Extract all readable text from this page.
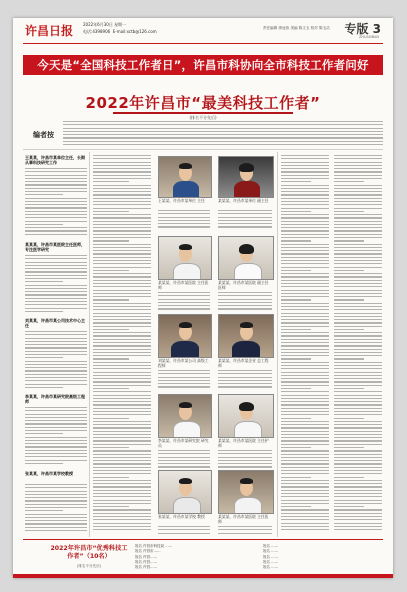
许昌日报 2022年6月30日 星期一
电话:4398906 E-mail:xctb@126.com
责任编辑 廖冠伟 美编 陈文玉 校对 陈玉洁 专版 3
ZHUANBAN
今天是“全国科技工作者日”，许昌市科协向全市科技工作者问好
2022年许昌市“最美科技工作者”
(排名不分先后)
编者按
王某某，许昌市某单位主任，长期从事科技研究工作
某某某，许昌市某医院主任医师，专注医学研究
刘某某，许昌市某公司技术中心主任
李某某，许昌市某研究院高级工程师
张某某，许昌市某学校教授
王某某，许昌市某单位 主任
某某某，许昌市某医院 主任医师
刘某某，许昌市某公司 高级工程师
李某某，许昌市某研究院 研究员
张某某，许昌市某学校 教授
某某某，许昌市某单位 副主任
某某某，许昌市某医院 副主任医师
某某某，许昌市某企业 总工程师
某某某，许昌市某医院 主任护师
某某某，许昌市某医院 主任医师
2022年许昌市“优秀科技工作者”（10名）
(排名不分先后)
姓名 许昌市科技局 ……
姓名 许昌市……
姓名 许昌……
姓名 许昌……
姓名 许昌……
姓名 ……
姓名 ……
姓名 ……
姓名 ……
姓名 ……
